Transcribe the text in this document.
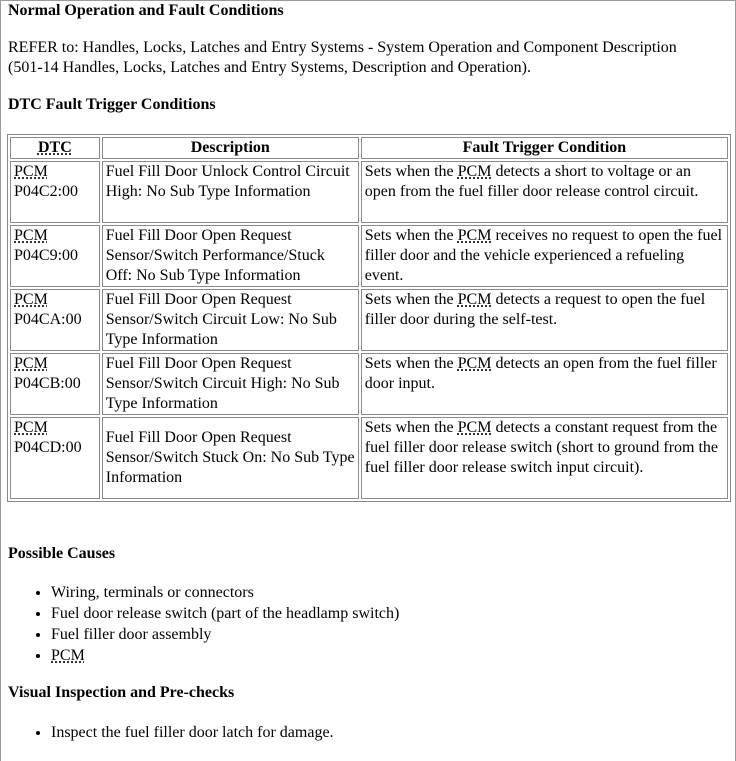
Normal Operation and Fault Conditions

REFER to: Handles, Locks, Latches and Entry Systems - System Operation and Component Description (501-14 Handles, Locks, Latches and Entry Systems, Description and Operation).

DTC Fault Trigger Conditions
DTC	Description	Fault Trigger Condition
PCM
P04C2:00	Fuel Fill Door Unlock Control Circuit High: No Sub Type Information	Sets when the PCM detects a short to voltage or an open from the fuel filler door release control circuit.
PCM
P04C9:00	Fuel Fill Door Open Request Sensor/Switch Performance/Stuck Off: No Sub Type Information	Sets when the PCM receives no request to open the fuel filler door and the vehicle experienced a refueling event.
PCM
P04CA:00	Fuel Fill Door Open Request Sensor/Switch Circuit Low: No Sub Type Information	Sets when the PCM detects a request to open the fuel filler door during the self-test.
PCM
P04CB:00	Fuel Fill Door Open Request Sensor/Switch Circuit High: No Sub Type Information	Sets when the PCM detects an open from the fuel filler door input.
PCM
P04CD:00	Fuel Fill Door Open Request Sensor/Switch Stuck On: No Sub Type Information	Sets when the PCM detects a constant request from the fuel filler door release switch (short to ground from the fuel filler door release switch input circuit).
Possible Causes
• Wiring, terminals or connectors
• Fuel door release switch (part of the headlamp switch)
• Fuel filler door assembly
• PCM
Visual Inspection and Pre-checks
• Inspect the fuel filler door latch for damage.
